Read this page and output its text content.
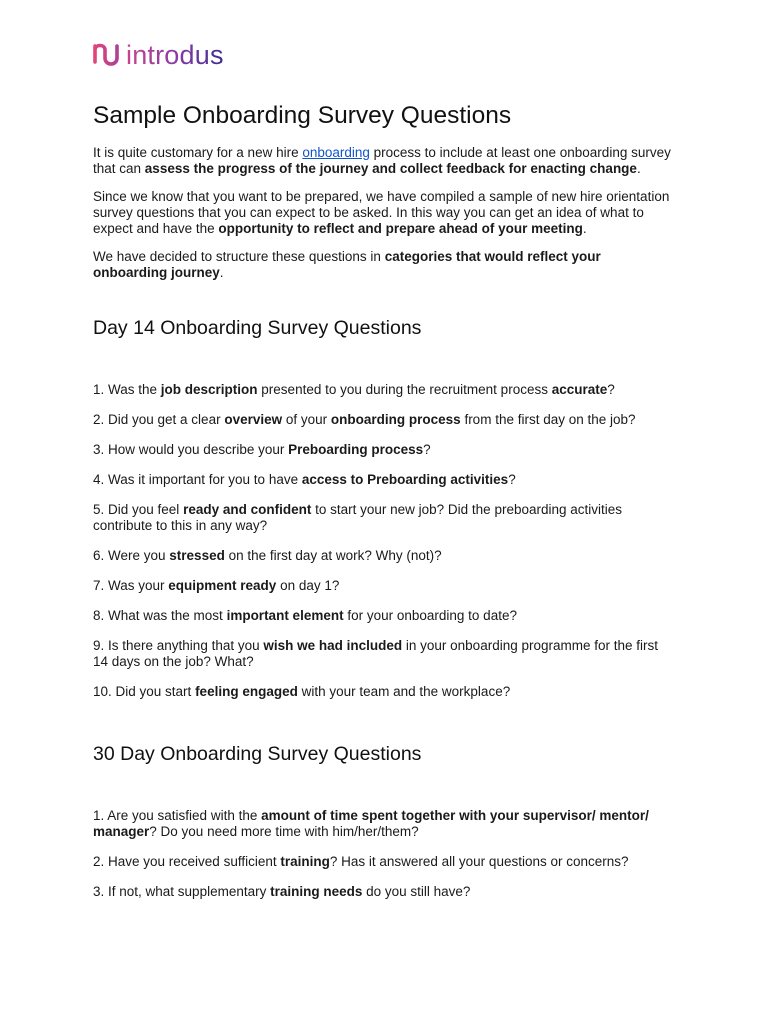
introdus
Sample Onboarding Survey Questions

It is quite customary for a new hire onboarding process to include at least one onboarding survey that can assess the progress of the journey and collect feedback for enacting change.

Since we know that you want to be prepared, we have compiled a sample of new hire orientation survey questions that you can expect to be asked. In this way you can get an idea of what to expect and have the opportunity to reflect and prepare ahead of your meeting.

We have decided to structure these questions in categories that would reflect your onboarding journey.

Day 14 Onboarding Survey Questions

1. Was the job description presented to you during the recruitment process accurate?

2. Did you get a clear overview of your onboarding process from the first day on the job?

3. How would you describe your Preboarding process?

4. Was it important for you to have access to Preboarding activities?

5. Did you feel ready and confident to start your new job? Did the preboarding activities contribute to this in any way?

6. Were you stressed on the first day at work? Why (not)?

7. Was your equipment ready on day 1?

8. What was the most important element for your onboarding to date?

9. Is there anything that you wish we had included in your onboarding programme for the first 14 days on the job? What?

10. Did you start feeling engaged with your team and the workplace?

30 Day Onboarding Survey Questions

1. Are you satisfied with the amount of time spent together with your supervisor/ mentor/ manager? Do you need more time with him/her/them?

2. Have you received sufficient training? Has it answered all your questions or concerns?

3. If not, what supplementary training needs do you still have?
